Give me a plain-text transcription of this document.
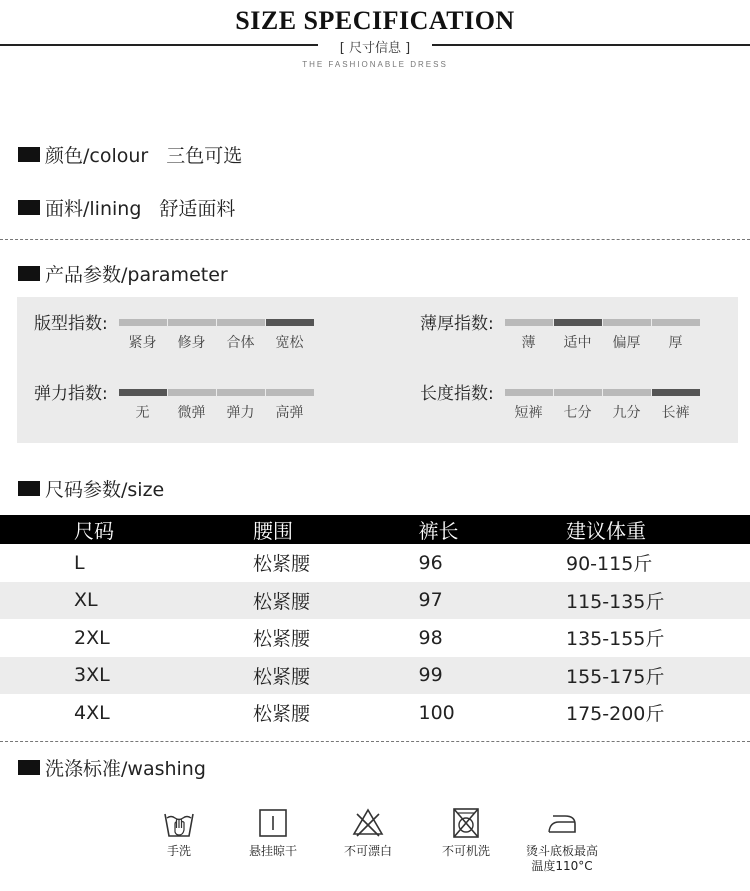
SIZE SPECIFICATION
[ 尺寸信息 ]
THE FASHIONABLE DRESS
颜色/colour 三色可选
面料/lining 舒适面料
产品参数/parameter
版型指数:
紧身 修身 合体 宽松
薄厚指数:
薄 适中 偏厚 厚
弹力指数:
无 微弹 弹力 高弹
长度指数:
短裤 七分 九分 长裤
尺码参数/size
尺码	腰围	裤长	建议体重
L	松紧腰	96	90-115斤
XL	松紧腰	97	115-135斤
2XL	松紧腰	98	135-155斤
3XL	松紧腰	99	155-175斤
4XL	松紧腰	100	175-200斤
洗涤标准/washing
手洗	悬挂晾干	不可漂白	不可机洗	烫斗底板最高
温度110°C
